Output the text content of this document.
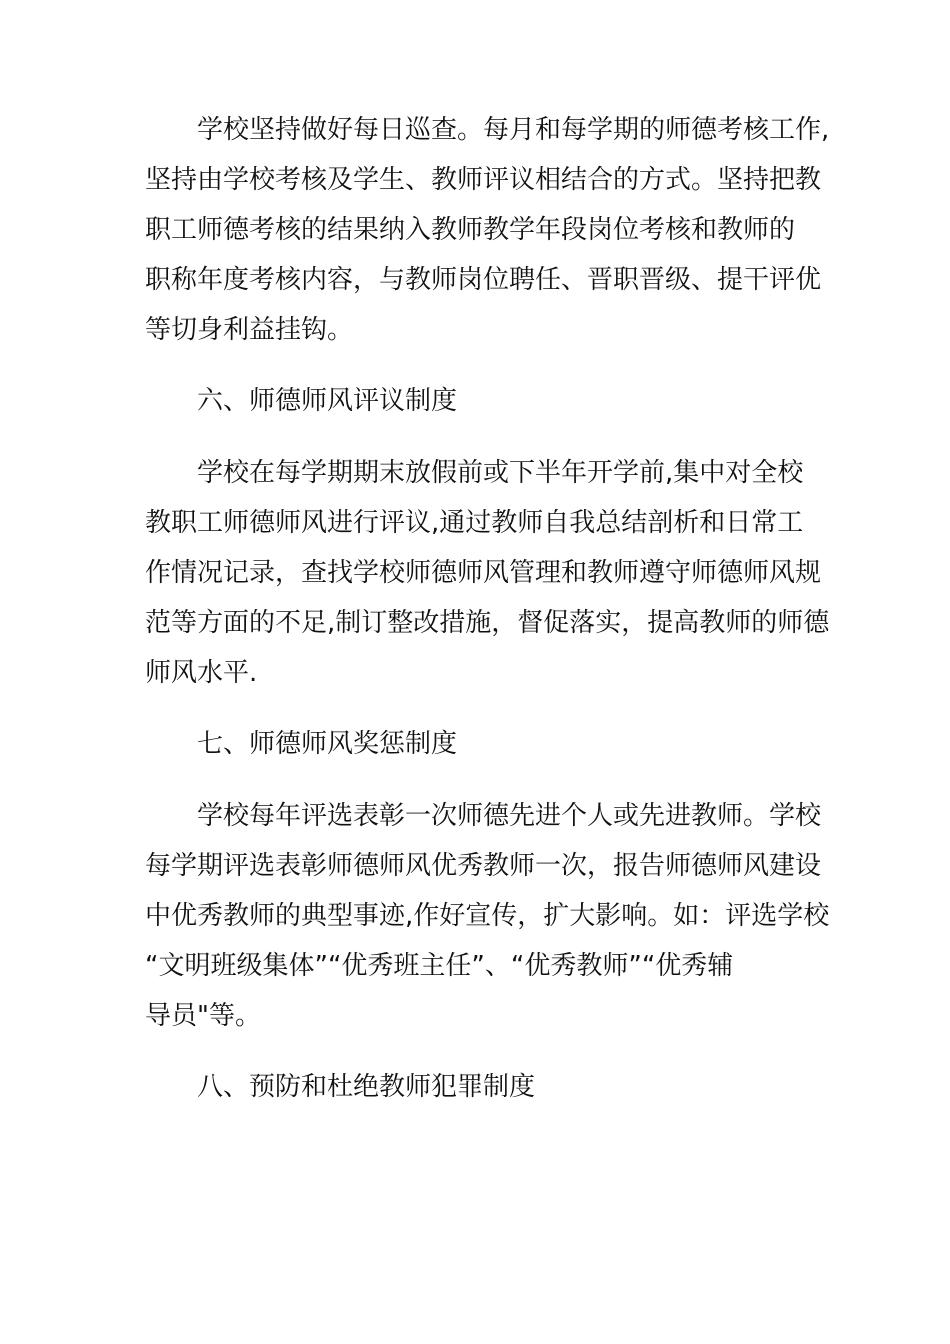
学校坚持做好每日巡查。每月和每学期的师德考核工作,

坚持由学校考核及学生、教师评议相结合的方式。坚持把教

职工师德考核的结果纳入教师教学年段岗位考核和教师的

职称年度考核内容，与教师岗位聘任、晋职晋级、提干评优

等切身利益挂钩。

六、师德师风评议制度

学校在每学期期末放假前或下半年开学前,集中对全校

教职工师德师风进行评议,通过教师自我总结剖析和日常工

作情况记录，查找学校师德师风管理和教师遵守师德师风规

范等方面的不足,制订整改措施，督促落实，提高教师的师德

师风水平.

七、师德师风奖惩制度

学校每年评选表彰一次师德先进个人或先进教师。学校

每学期评选表彰师德师风优秀教师一次，报告师德师风建设

中优秀教师的典型事迹,作好宣传，扩大影响。如：评选学校

“文明班级集体”“优秀班主任”、“优秀教师”“优秀辅

导员"等。

八、预防和杜绝教师犯罪制度
